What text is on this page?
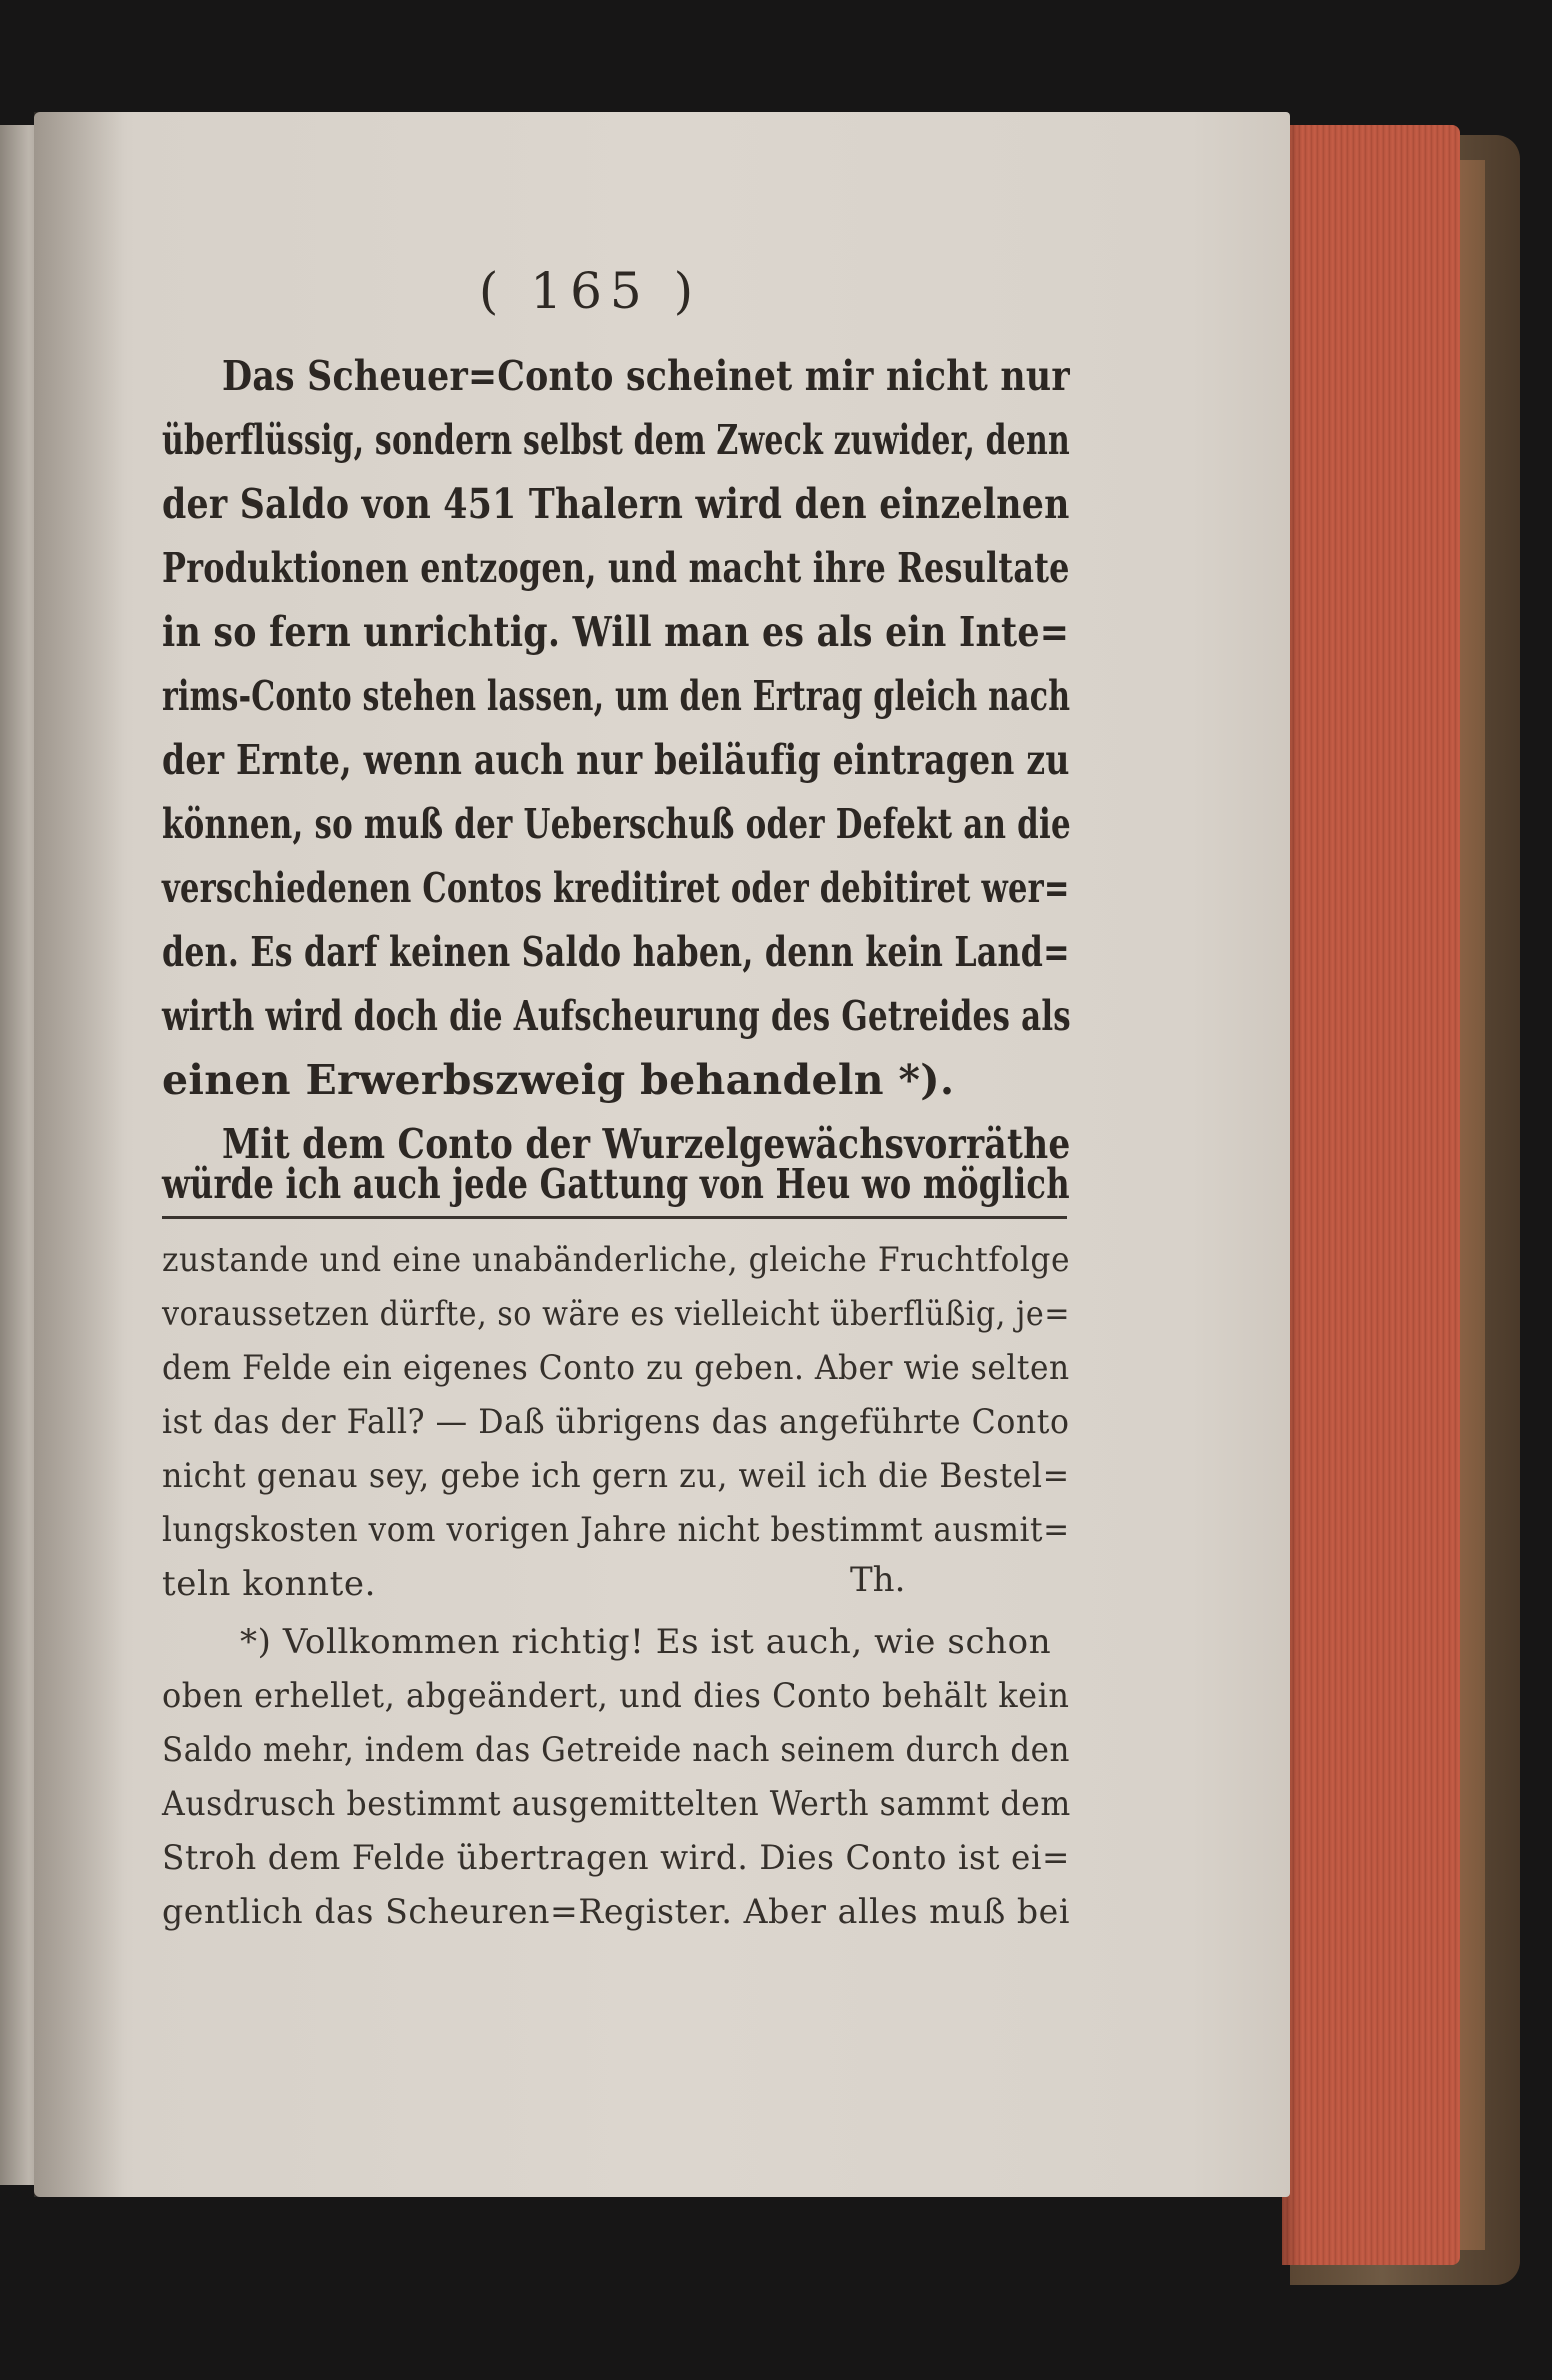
( 165 )
Das Scheuer=Conto scheinet mir nicht nur
überflüssig, sondern selbst dem Zweck zuwider, denn
der Saldo von 451 Thalern wird den einzelnen
Produktionen entzogen, und macht ihre Resultate
in so fern unrichtig. Will man es als ein Inte=
rims-Conto stehen lassen, um den Ertrag gleich nach
der Ernte, wenn auch nur beiläufig eintragen zu
können, so muß der Ueberschuß oder Defekt an die
verschiedenen Contos kreditiret oder debitiret wer=
den. Es darf keinen Saldo haben, denn kein Land=
wirth wird doch die Aufscheurung des Getreides als
einen Erwerbszweig behandeln *).
Mit dem Conto der Wurzelgewächsvorräthe
würde ich auch jede Gattung von Heu wo möglich
zustande und eine unabänderliche, gleiche Fruchtfolge
voraussetzen dürfte, so wäre es vielleicht überflüßig, je=
dem Felde ein eigenes Conto zu geben. Aber wie selten
ist das der Fall? — Daß übrigens das angeführte Conto
nicht genau sey, gebe ich gern zu, weil ich die Bestel=
lungskosten vom vorigen Jahre nicht bestimmt ausmit=
teln konnte.	Th.
*) Vollkommen richtig! Es ist auch, wie schon
oben erhellet, abgeändert, und dies Conto behält kein
Saldo mehr, indem das Getreide nach seinem durch den
Ausdrusch bestimmt ausgemittelten Werth sammt dem
Stroh dem Felde übertragen wird. Dies Conto ist ei=
gentlich das Scheuren=Register. Aber alles muß bei
